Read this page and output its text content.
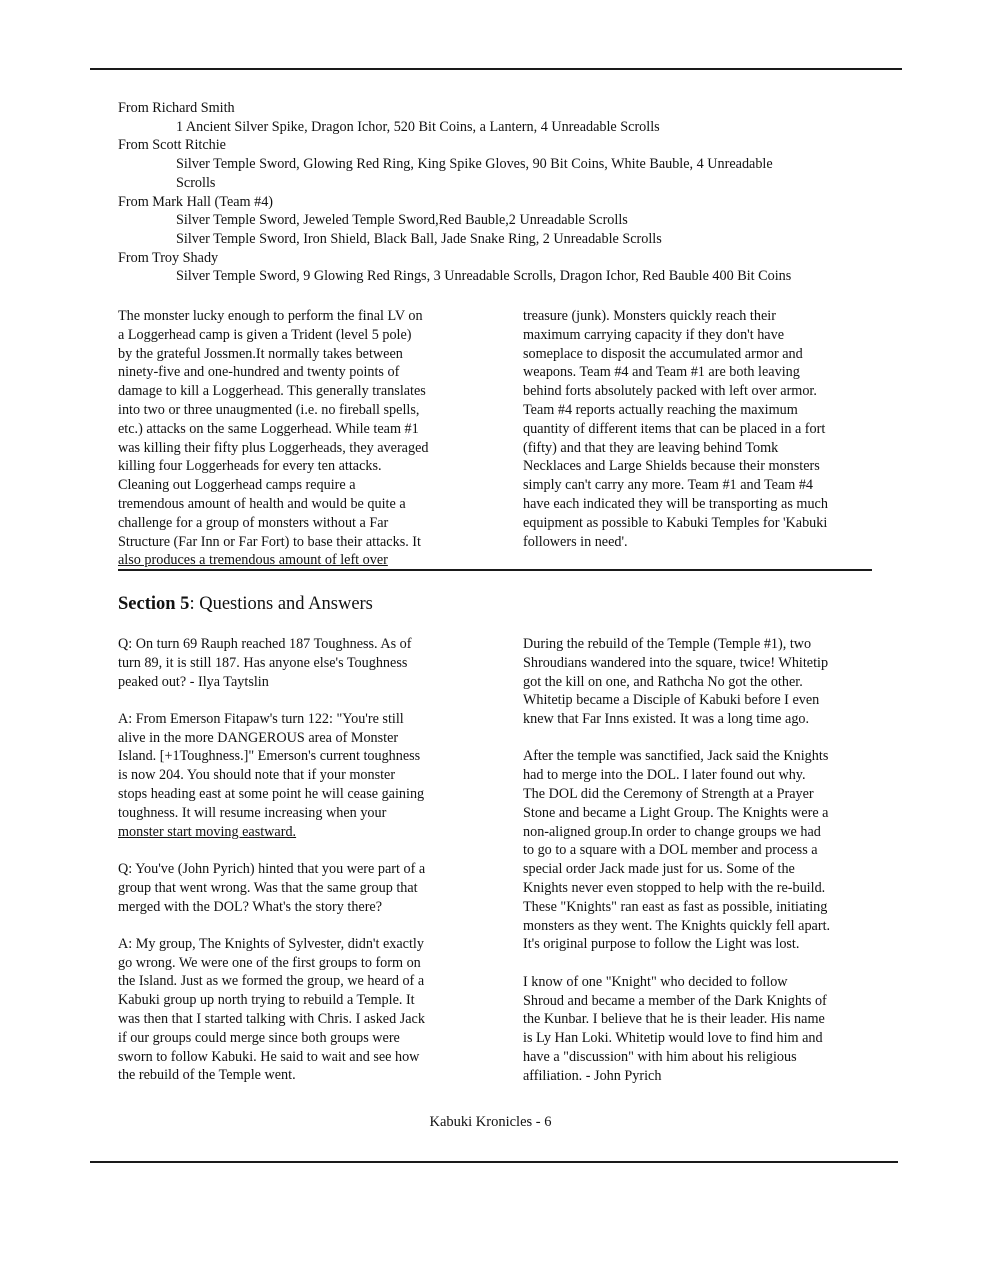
From Richard Smith

1 Ancient Silver Spike, Dragon Ichor, 520 Bit Coins, a Lantern, 4 Unreadable Scrolls

From Scott Ritchie

Silver Temple Sword, Glowing Red Ring, King Spike Gloves, 90 Bit Coins, White Bauble, 4 Unreadable

Scrolls

From Mark Hall (Team #4)

Silver Temple Sword, Jeweled Temple Sword,Red Bauble,2 Unreadable Scrolls

Silver Temple Sword, Iron Shield, Black Ball, Jade Snake Ring, 2 Unreadable Scrolls

From Troy Shady

Silver Temple Sword, 9 Glowing Red Rings, 3 Unreadable Scrolls, Dragon Ichor, Red Bauble 400 Bit Coins

The monster lucky enough to perform the final LV on
a Loggerhead camp is given a Trident (level 5 pole)
by the grateful Jossmen.It normally takes between
ninety-five and one-hundred and twenty points of
damage to kill a Loggerhead. This generally translates
into two or three unaugmented (i.e. no fireball spells,
etc.) attacks on the same Loggerhead. While team #1
was killing their fifty plus Loggerheads, they averaged
killing four Loggerheads for every ten attacks.
Cleaning out Loggerhead camps require a
tremendous amount of health and would be quite a
challenge for a group of monsters without a Far
Structure (Far Inn or Far Fort) to base their attacks. It
also produces a tremendous amount of left over
treasure (junk). Monsters quickly reach their
maximum carrying capacity if they don't have
someplace to disposit the accumulated armor and
weapons. Team #4 and Team #1 are both leaving
behind forts absolutely packed with left over armor.
Team #4 reports actually reaching the maximum
quantity of different items that can be placed in a fort
(fifty) and that they are leaving behind Tomk
Necklaces and Large Shields because their monsters
simply can't carry any more. Team #1 and Team #4
have each indicated they will be transporting as much
equipment as possible to Kabuki Temples for 'Kabuki
followers in need'.
Section 5: Questions and Answers

Q: On turn 69 Rauph reached 187 Toughness. As of
turn 89, it is still 187. Has anyone else's Toughness
peaked out? - Ilya Taytslin

A: From Emerson Fitapaw's turn 122: "You're still
alive in the more DANGEROUS area of Monster
Island. [+1Toughness.]" Emerson's current toughness
is now 204. You should note that if your monster
stops heading east at some point he will cease gaining
toughness. It will resume increasing when your
monster start moving eastward.

Q: You've (John Pyrich) hinted that you were part of a
group that went wrong. Was that the same group that
merged with the DOL? What's the story there?

A: My group, The Knights of Sylvester, didn't exactly
go wrong. We were one of the first groups to form on
the Island. Just as we formed the group, we heard of a
Kabuki group up north trying to rebuild a Temple. It
was then that I started talking with Chris. I asked Jack
if our groups could merge since both groups were
sworn to follow Kabuki. He said to wait and see how
the rebuild of the Temple went.

During the rebuild of the Temple (Temple #1), two
Shroudians wandered into the square, twice! Whitetip
got the kill on one, and Rathcha No got the other.
Whitetip became a Disciple of Kabuki before I even
knew that Far Inns existed. It was a long time ago.

After the temple was sanctified, Jack said the Knights
had to merge into the DOL. I later found out why.
The DOL did the Ceremony of Strength at a Prayer
Stone and became a Light Group. The Knights were a
non-aligned group.In order to change groups we had
to go to a square with a DOL member and process a
special order Jack made just for us. Some of the
Knights never even stopped to help with the re-build.
These "Knights" ran east as fast as possible, initiating
monsters as they went. The Knights quickly fell apart.
It's original purpose to follow the Light was lost.

I know of one "Knight" who decided to follow
Shroud and became a member of the Dark Knights of
the Kunbar. I believe that he is their leader. His name
is Ly Han Loki. Whitetip would love to find him and
have a "discussion" with him about his religious
affiliation. - John Pyrich

Kabuki Kronicles - 6
